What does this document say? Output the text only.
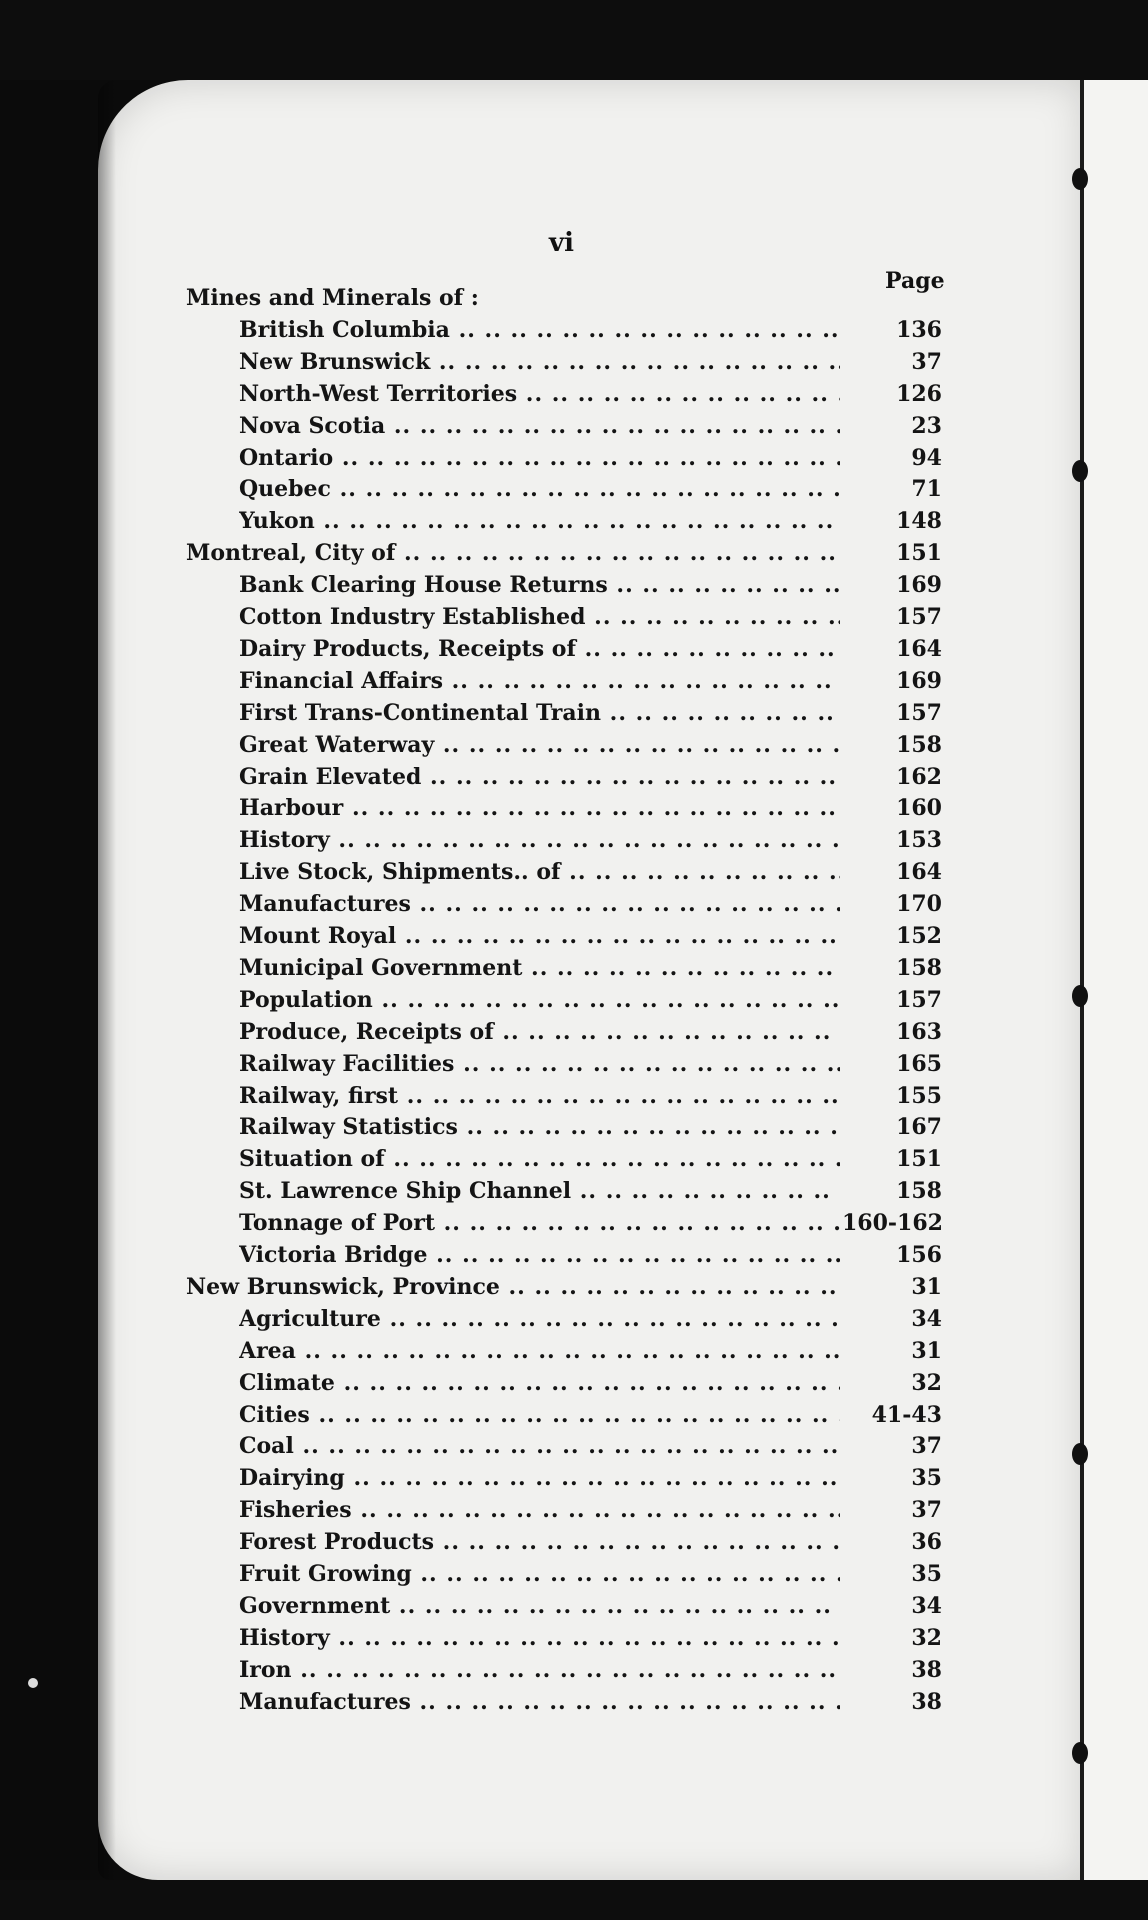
vi
Page
Mines and Minerals of :
British Columbia .. ..	136
New Brunswick .. ..	37
North-West Territories .. ..	126
Nova Scotia .. ..	23
Ontario .. ..	94
Quebec .. ..	71
Yukon .. ..	148
Montreal, City of .. ..	151
Bank Clearing House Returns .. ..	169
Cotton Industry Established .. ..	157
Dairy Products, Receipts of .. ..	164
Financial Affairs .. ..	169
First Trans-Continental Train .. ..	157
Great Waterway .. ..	158
Grain Elevated .. ..	162
Harbour .. ..	160
History .. ..	153
Live Stock, Shipments.. of .. ..	164
Manufactures .. ..	170
Mount Royal .. ..	152
Municipal Government .. ..	158
Population .. ..	157
Produce, Receipts of .. ..	163
Railway Facilities .. ..	165
Railway, first .. ..	155
Railway Statistics .. ..	167
Situation of .. ..	151
St. Lawrence Ship Channel .. ..	158
Tonnage of Port .. ..	160-162
Victoria Bridge .. ..	156
New Brunswick, Province .. ..	31
Agriculture .. ..	34
Area .. ..	31
Climate .. ..	32
Cities .. ..	41-43
Coal .. ..	37
Dairying .. ..	35
Fisheries .. ..	37
Forest Products .. ..	36
Fruit Growing .. ..	35
Government .. ..	34
History .. ..	32
Iron .. ..	38
Manufactures .. ..	38
